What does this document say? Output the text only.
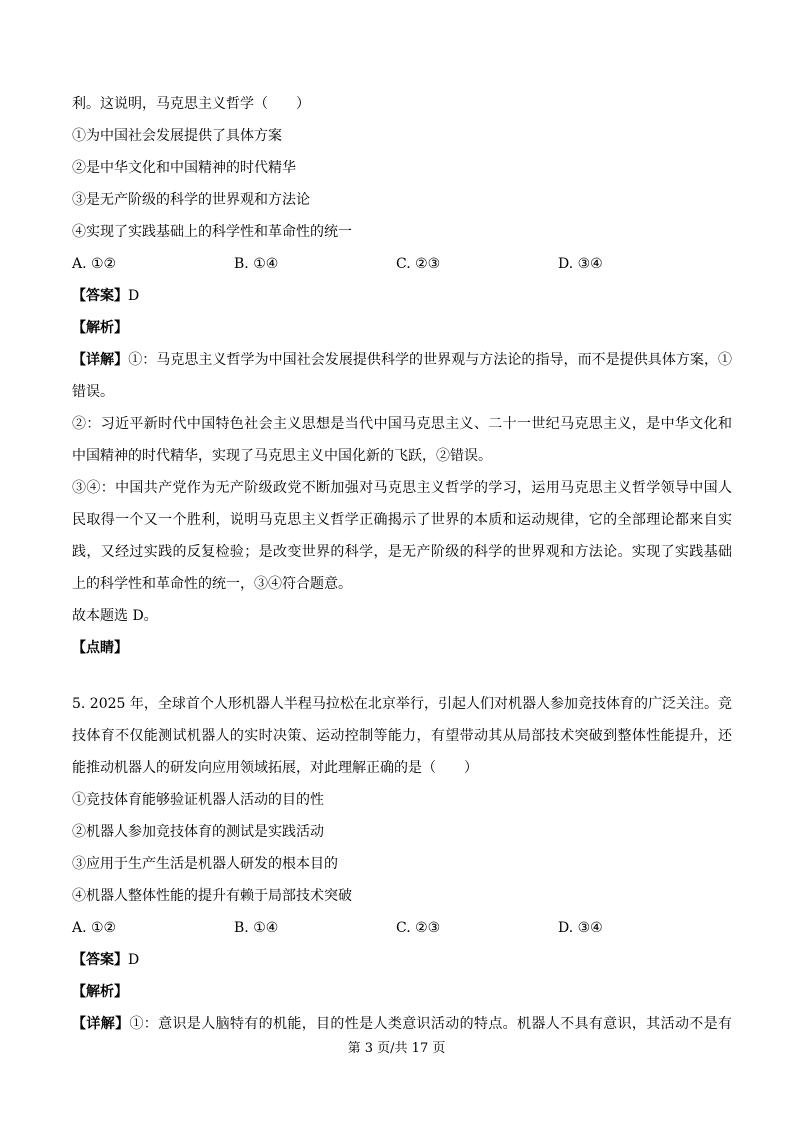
利。这说明，马克思主义哲学（　　）

①为中国社会发展提供了具体方案

②是中华文化和中国精神的时代精华

③是无产阶级的科学的世界观和方法论

④实现了实践基础上的科学性和革命性的统一

A. ①②	B. ①④	C. ②③	D. ③④

【答案】D

【解析】

【详解】①：马克思主义哲学为中国社会发展提供科学的世界观与方法论的指导，而不是提供具体方案，①

错误。

②：习近平新时代中国特色社会主义思想是当代中国马克思主义、二十一世纪马克思主义，是中华文化和

中国精神的时代精华，实现了马克思主义中国化新的飞跃，②错误。

③④：中国共产党作为无产阶级政党不断加强对马克思主义哲学的学习，运用马克思主义哲学领导中国人

民取得一个又一个胜利，说明马克思主义哲学正确揭示了世界的本质和运动规律，它的全部理论都来自实

践，又经过实践的反复检验；是改变世界的科学，是无产阶级的科学的世界观和方法论。实现了实践基础

上的科学性和革命性的统一，③④符合题意。

故本题选 D。

【点睛】

5. 2025 年，全球首个人形机器人半程马拉松在北京举行，引起人们对机器人参加竞技体育的广泛关注。竞

技体育不仅能测试机器人的实时决策、运动控制等能力，有望带动其从局部技术突破到整体性能提升，还

能推动机器人的研发向应用领域拓展，对此理解正确的是（　　）

①竞技体育能够验证机器人活动的目的性

②机器人参加竞技体育的测试是实践活动

③应用于生产生活是机器人研发的根本目的

④机器人整体性能的提升有赖于局部技术突破

A. ①②	B. ①④	C. ②③	D. ③④

【答案】D

【解析】

【详解】①：意识是人脑特有的机能，目的性是人类意识活动的特点。机器人不具有意识，其活动不是有

第 3 页/共 17 页
